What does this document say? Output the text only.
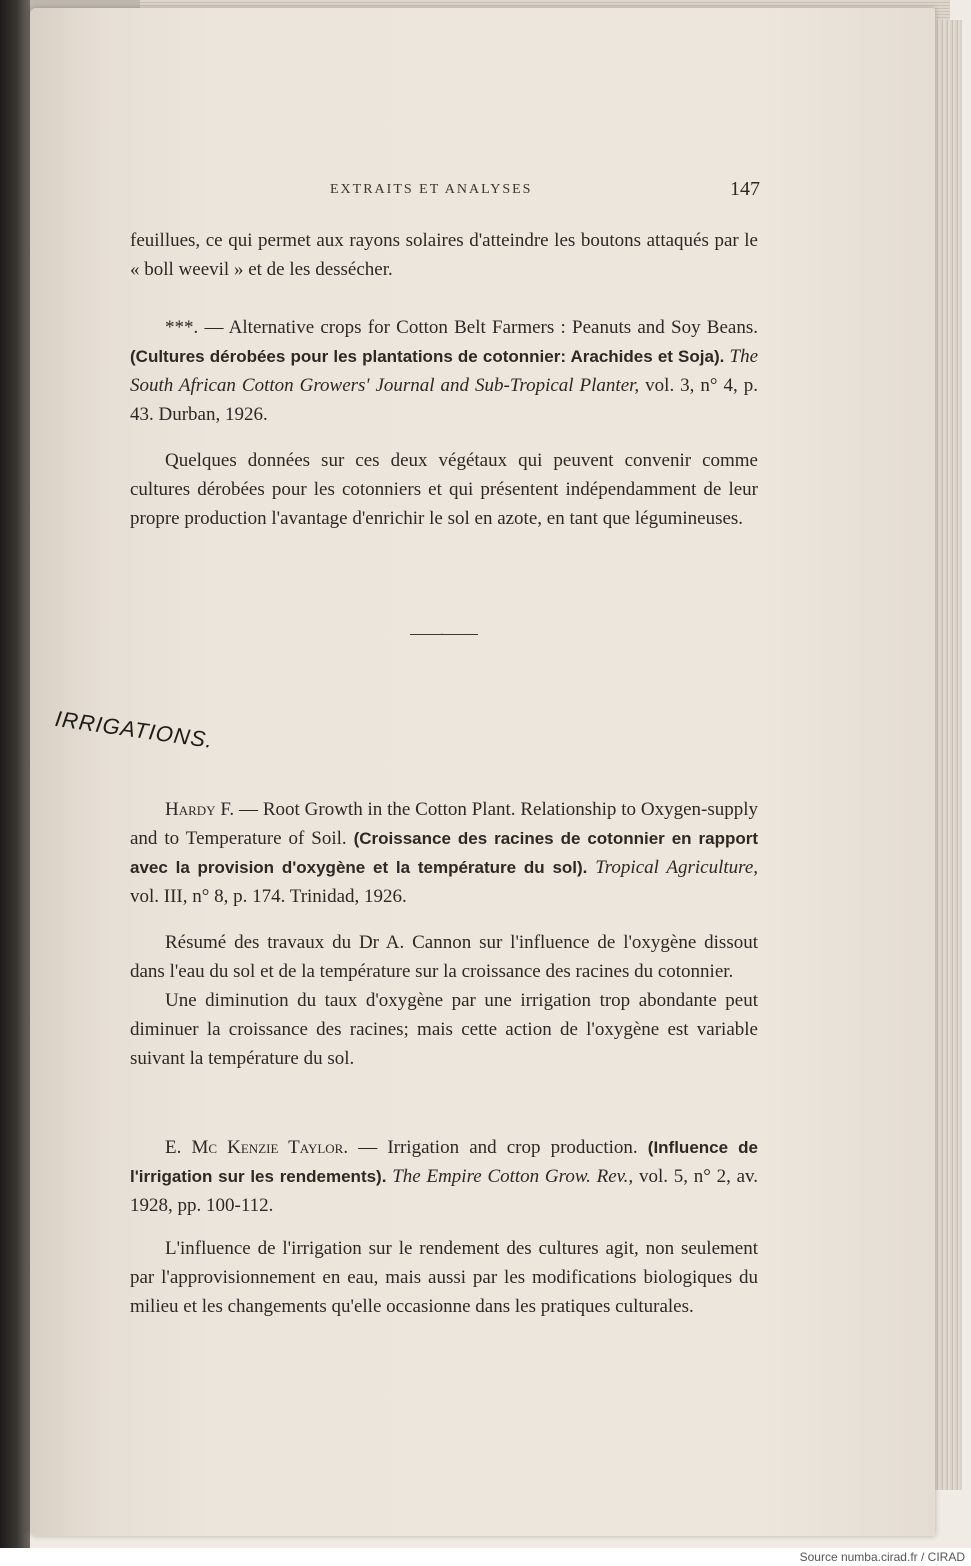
EXTRAITS ET ANALYSES	147

feuillues, ce qui permet aux rayons solaires d'atteindre les boutons attaqués par le « boll weevil » et de les dessécher.

***. — Alternative crops for Cotton Belt Farmers : Peanuts and Soy Beans. (Cultures dérobées pour les plantations de cotonnier: Arachides et Soja). The South African Cotton Growers' Journal and Sub-Tropical Planter, vol. 3, n° 4, p. 43. Durban, 1926.

Quelques données sur ces deux végétaux qui peuvent convenir comme cultures dérobées pour les cotonniers et qui présentent indépendamment de leur propre production l'avantage d'enrichir le sol en azote, en tant que légumineuses.

·
IRRIGATIONS.

Hardy F. — Root Growth in the Cotton Plant. Relationship to Oxygen-supply and to Temperature of Soil. (Croissance des racines de cotonnier en rapport avec la provision d'oxygène et la température du sol). Tropical Agriculture, vol. III, n° 8, p. 174. Trinidad, 1926.

Résumé des travaux du Dr A. Cannon sur l'influence de l'oxygène dissout dans l'eau du sol et de la température sur la croissance des racines du cotonnier.

Une diminution du taux d'oxygène par une irrigation trop abondante peut diminuer la croissance des racines; mais cette action de l'oxygène est variable suivant la température du sol.

E. Mc Kenzie Taylor. — Irrigation and crop production. (Influence de l'irrigation sur les rendements). The Empire Cotton Grow. Rev., vol. 5, n° 2, av. 1928, pp. 100-112.

L'influence de l'irrigation sur le rendement des cultures agit, non seulement par l'approvisionnement en eau, mais aussi par les modifications biologiques du milieu et les changements qu'elle occasionne dans les pratiques culturales.

Source numba.cirad.fr / CIRAD
